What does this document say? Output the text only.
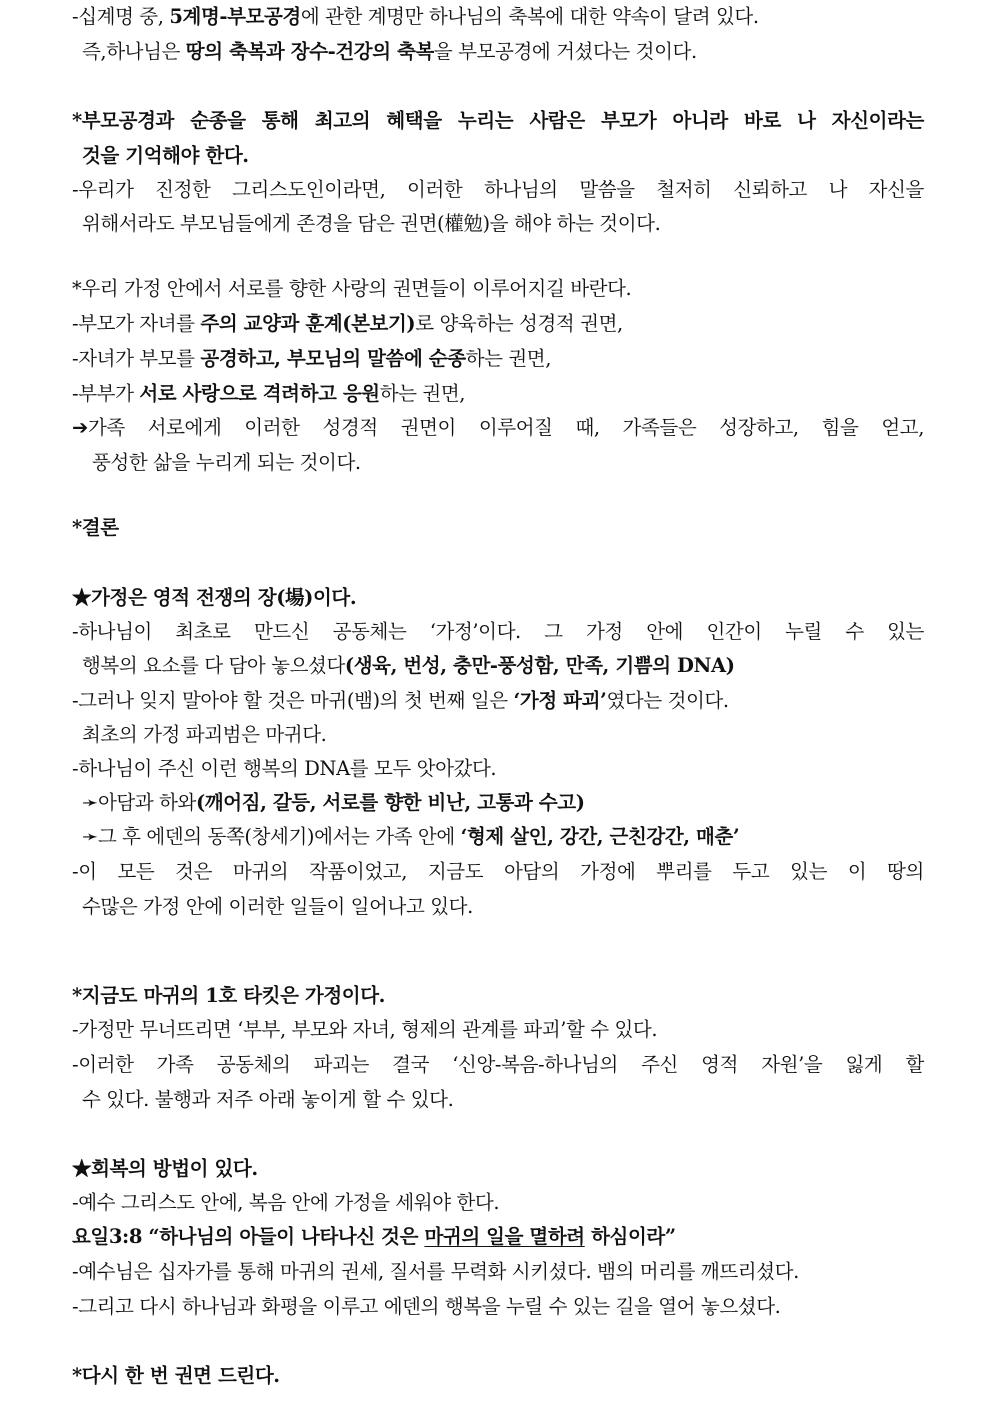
-십계명 중, 5계명-부모공경에 관한 계명만 하나님의 축복에 대한 약속이 달려 있다.
즉,하나님은 땅의 축복과 장수-건강의 축복을 부모공경에 거셨다는 것이다.
*부모공경과 순종을 통해 최고의 혜택을 누리는 사람은 부모가 아니라 바로 나 자신이라는
것을 기억해야 한다.
-우리가 진정한 그리스도인이라면, 이러한 하나님의 말씀을 철저히 신뢰하고 나 자신을
위해서라도 부모님들에게 존경을 담은 권면(權勉)을 해야 하는 것이다.
*우리 가정 안에서 서로를 향한 사랑의 권면들이 이루어지길 바란다.
-부모가 자녀를 주의 교양과 훈계(본보기)로 양육하는 성경적 권면,
-자녀가 부모를 공경하고, 부모님의 말씀에 순종하는 권면,
-부부가 서로 사랑으로 격려하고 응원하는 권면,
➔가족 서로에게 이러한 성경적 권면이 이루어질 때, 가족들은 성장하고, 힘을 얻고,
풍성한 삶을 누리게 되는 것이다.
*결론
★가정은 영적 전쟁의 장(場)이다.
-하나님이 최초로 만드신 공동체는 ‘가정’이다. 그 가정 안에 인간이 누릴 수 있는
행복의 요소를 다 담아 놓으셨다(생육, 번성, 충만-풍성함, 만족, 기쁨의 DNA)
-그러나 잊지 말아야 할 것은 마귀(뱀)의 첫 번째 일은 ‘가정 파괴’였다는 것이다.
최초의 가정 파괴범은 마귀다.
-하나님이 주신 이런 행복의 DNA를 모두 앗아갔다.
➛아담과 하와(깨어짐, 갈등, 서로를 향한 비난, 고통과 수고)
➛그 후 에덴의 동쪽(창세기)에서는 가족 안에 ‘형제 살인, 강간, 근친강간, 매춘’
-이 모든 것은 마귀의 작품이었고, 지금도 아담의 가정에 뿌리를 두고 있는 이 땅의
수많은 가정 안에 이러한 일들이 일어나고 있다.
*지금도 마귀의 1호 타킷은 가정이다.
-가정만 무너뜨리면 ‘부부, 부모와 자녀, 형제의 관계를 파괴’할 수 있다.
-이러한 가족 공동체의 파괴는 결국 ‘신앙-복음-하나님의 주신 영적 자원’을 잃게 할
수 있다. 불행과 저주 아래 놓이게 할 수 있다.
★회복의 방법이 있다.
-예수 그리스도 안에, 복음 안에 가정을 세워야 한다.
요일3:8 “하나님의 아들이 나타나신 것은 마귀의 일을 멸하려 하심이라”
-예수님은 십자가를 통해 마귀의 권세, 질서를 무력화 시키셨다. 뱀의 머리를 깨뜨리셨다.
-그리고 다시 하나님과 화평을 이루고 에덴의 행복을 누릴 수 있는 길을 열어 놓으셨다.
*다시 한 번 권면 드린다.
